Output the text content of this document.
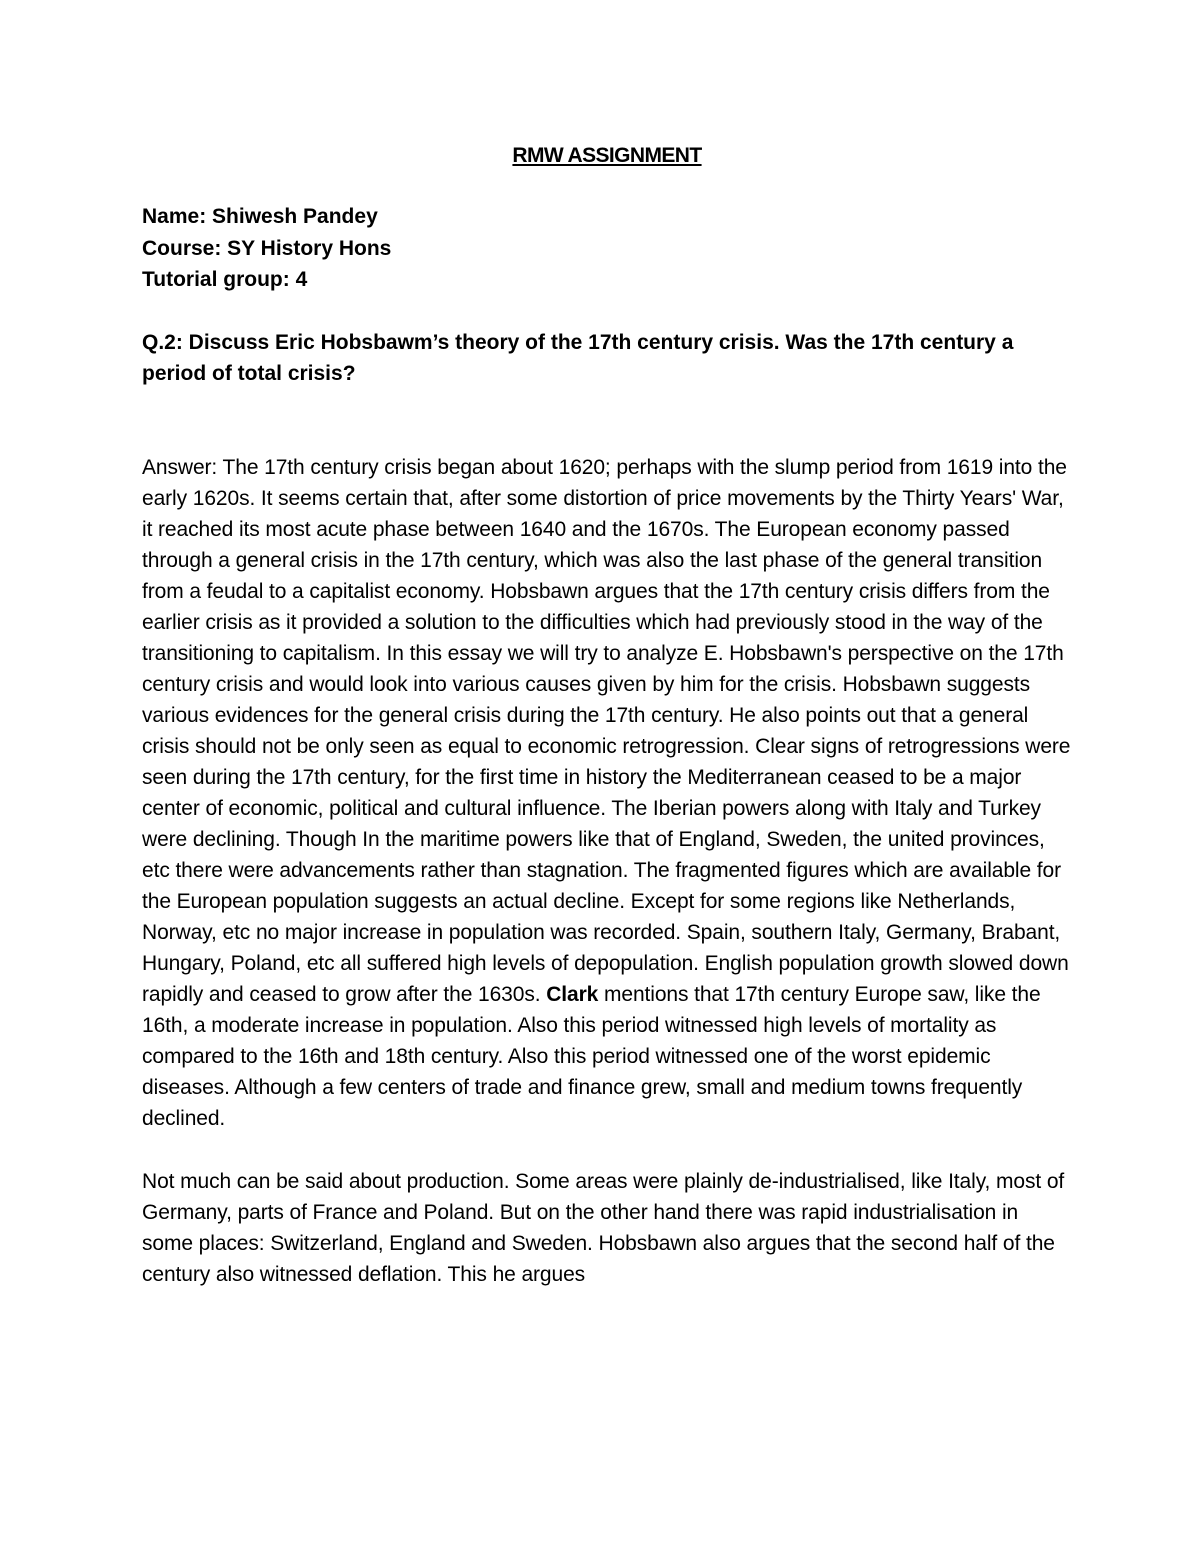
RMW ASSIGNMENT

Name: Shiwesh Pandey

Course: SY History Hons

Tutorial group: 4

Q.2: Discuss Eric Hobsbawm’s theory of the 17th century crisis. Was the 17th century a period of total crisis?

Answer: The 17th century crisis began about 1620; perhaps with the slump period from 1619 into the early 1620s. It seems certain that, after some distortion of price movements by the Thirty Years' War, it reached its most acute phase between 1640 and the 1670s. The European economy passed through a general crisis in the 17th century, which was also the last phase of the general transition from a feudal to a capitalist economy. Hobsbawn argues that the 17th century crisis differs from the earlier crisis as it provided a solution to the difficulties which had previously stood in the way of the transitioning to capitalism. In this essay we will try to analyze E. Hobsbawn's perspective on the 17th century crisis and would look into various causes given by him for the crisis. Hobsbawn suggests various evidences for the general crisis during the 17th century. He also points out that a general crisis should not be only seen as equal to economic retrogression. Clear signs of retrogressions were seen during the 17th century, for the first time in history the Mediterranean ceased to be a major center of economic, political and cultural influence. The Iberian powers along with Italy and Turkey were declining. Though In the maritime powers like that of England, Sweden, the united provinces, etc there were advancements rather than stagnation. The fragmented figures which are available for the European population suggests an actual decline. Except for some regions like Netherlands, Norway, etc no major increase in population was recorded. Spain, southern Italy, Germany, Brabant, Hungary, Poland, etc all suffered high levels of depopulation. English population growth slowed down rapidly and ceased to grow after the 1630s. Clark mentions that 17th century Europe saw, like the 16th, a moderate increase in population. Also this period witnessed high levels of mortality as compared to the 16th and 18th century. Also this period witnessed one of the worst epidemic diseases. Although a few centers of trade and finance grew, small and medium towns frequently declined.

Not much can be said about production. Some areas were plainly de-industrialised, like Italy, most of Germany, parts of France and Poland. But on the other hand there was rapid industrialisation in some places: Switzerland, England and Sweden. Hobsbawn also argues that the second half of the century also witnessed deflation. This he argues
